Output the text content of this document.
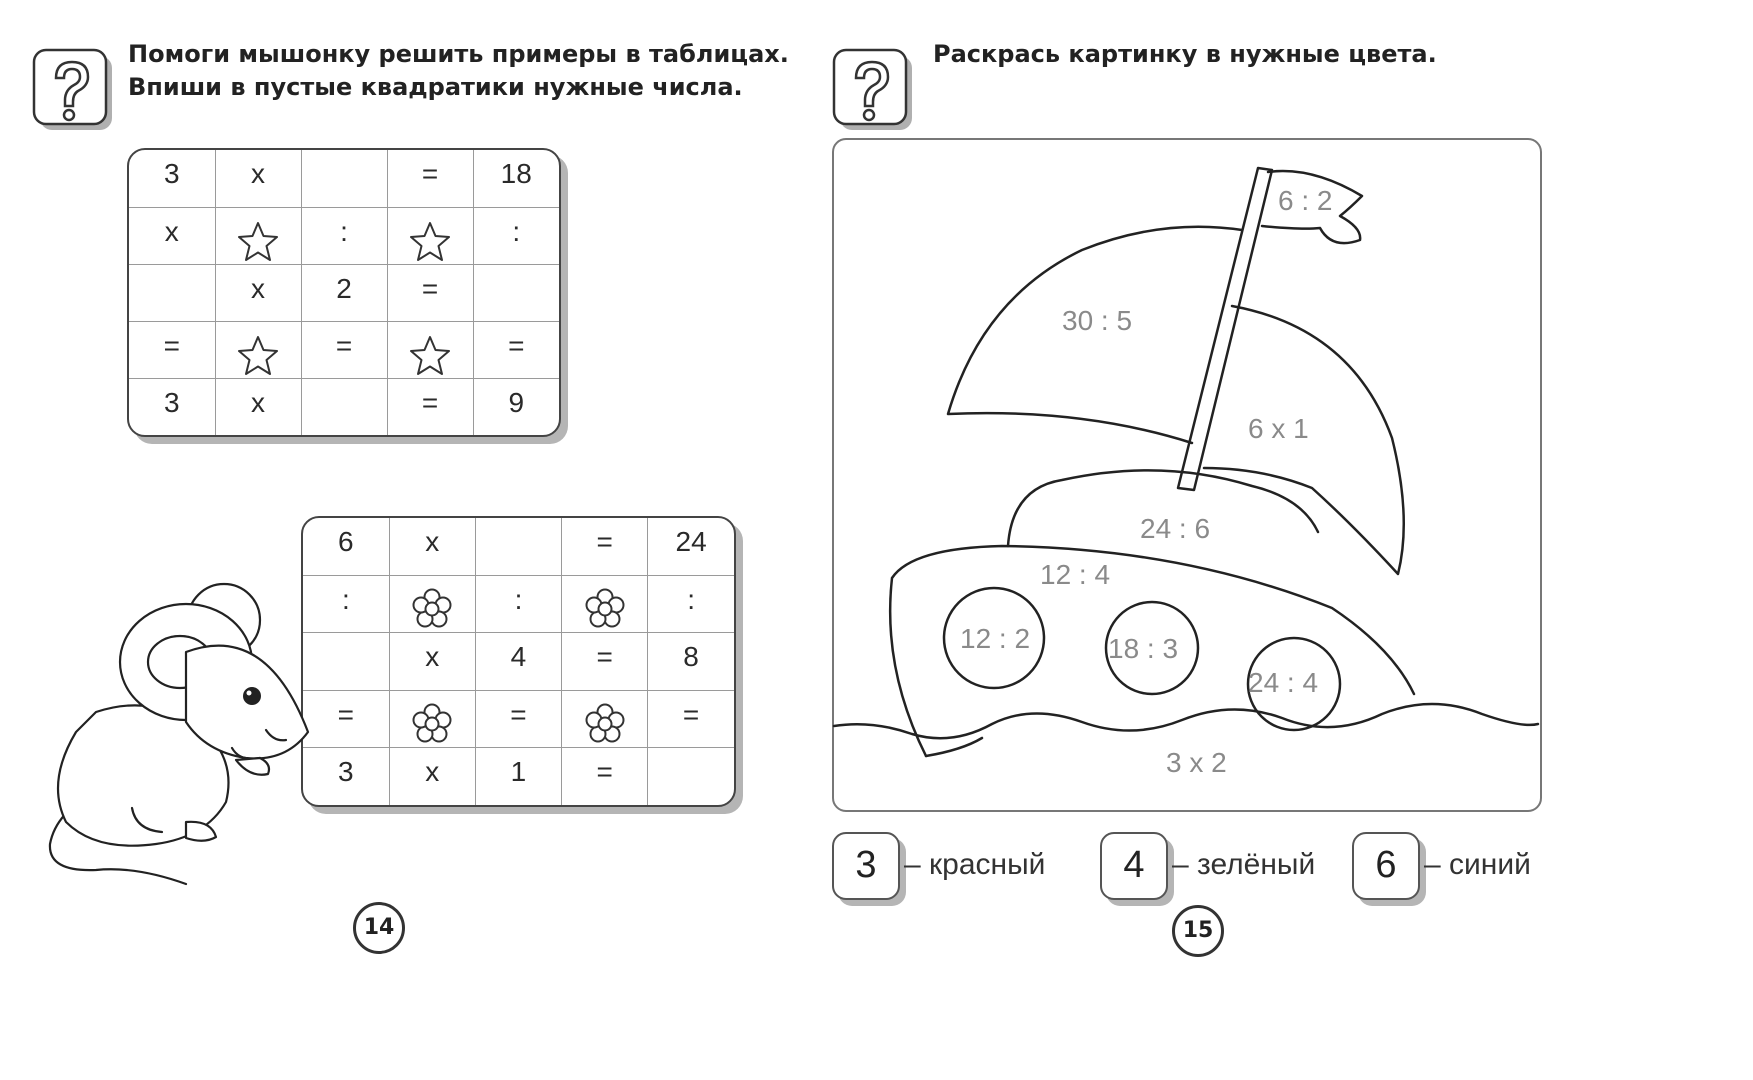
Помоги мышонку решить примеры в таблицах.
Впиши в пустые квадратики нужные числа.
3	x		=	18

x		:		:

	x	2	=	

=		=		=

3	x		=	9
6	x		=	24

:		:		:

	x	4	=	8

=		=		=

3	x	1	=	

14
Раскрась картинку в нужные цвета.
6 : 2
30 : 5
6 x 1
24 : 6
12 : 4
12 : 2	18 : 3
24 : 4
3 x 2
3 – красный	4 – зелёный	6 – синий
15
